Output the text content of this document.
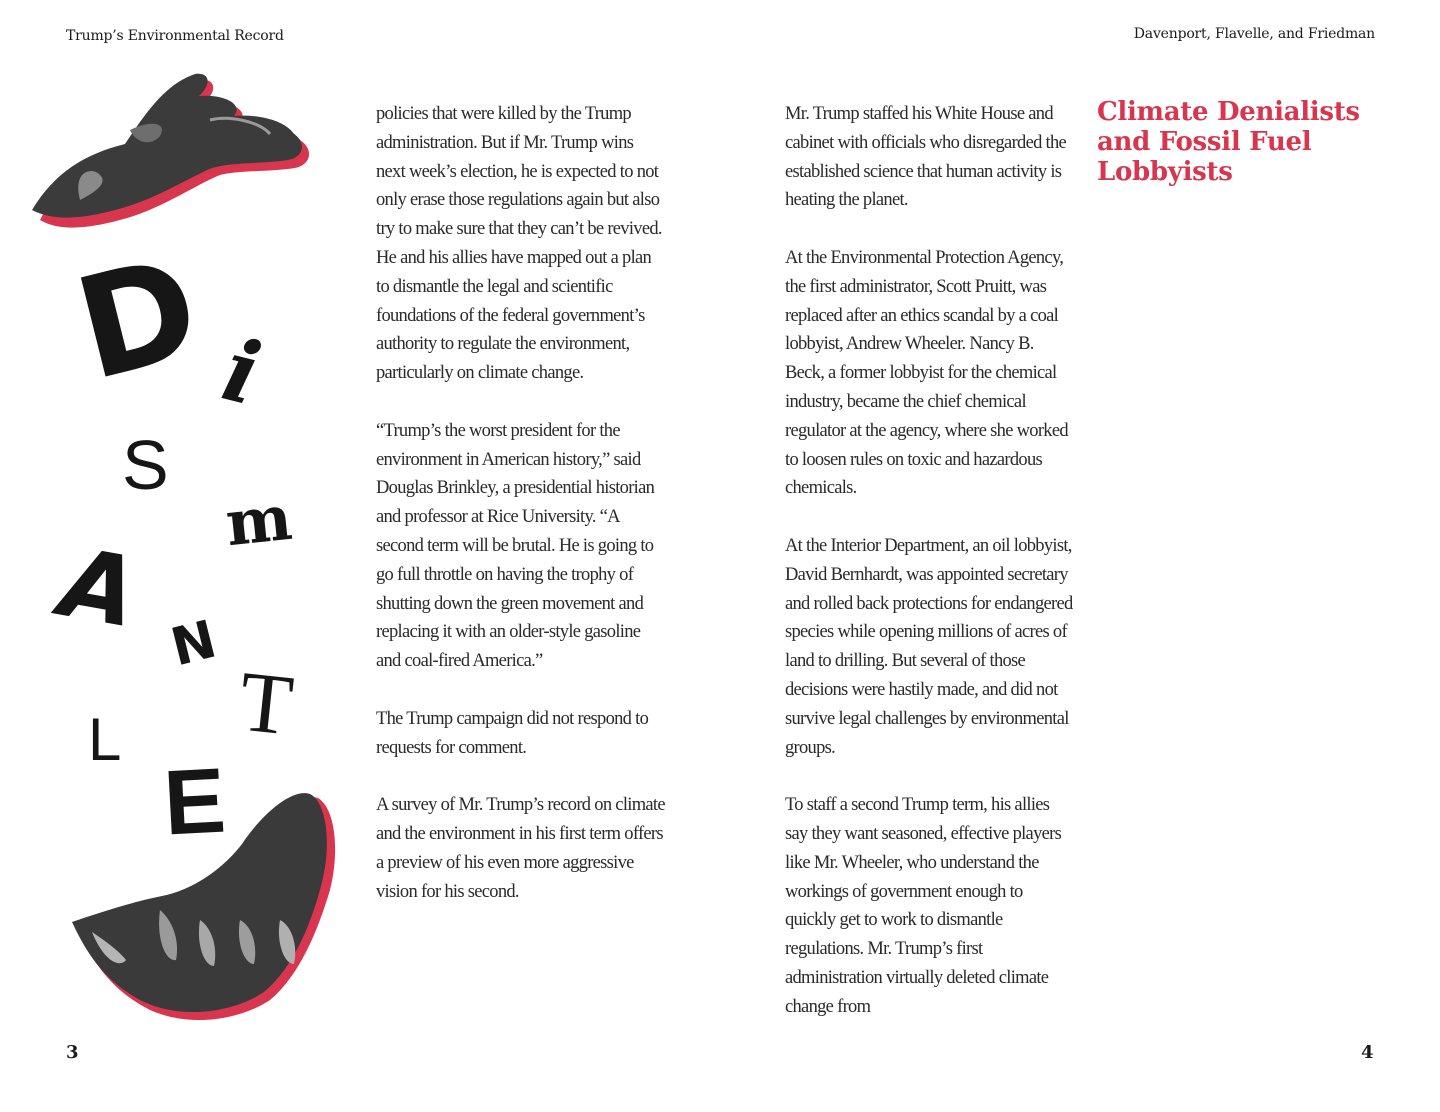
Trump’s Environmental Record	Davenport, Flavelle, and Friedman
D i
S
m
A N
T
L
E

policies that were killed by the Trump administration. But if Mr. Trump wins next week’s election, he is expected to not only erase those regulations again but also try to make sure that they can’t be revived. He and his allies have mapped out a plan to dismantle the legal and scientific foundations of the federal government’s authority to regulate the environment, particularly on climate change.

“Trump’s the worst president for the environment in American history,” said Douglas Brinkley, a presidential historian and professor at Rice University. “A second term will be brutal. He is going to go full throttle on having the trophy of shutting down the green movement and replacing it with an older-style gasoline and coal-fired America.”

The Trump campaign did not respond to requests for comment.

A survey of Mr. Trump’s record on climate and the environment in his first term offers a preview of his even more aggressive vision for his second.

Mr. Trump staffed his White House and cabinet with officials who disregarded the established science that human activity is heating the planet.

At the Environmental Protection Agency, the first administrator, Scott Pruitt, was replaced after an ethics scandal by a coal lobbyist, Andrew Wheeler. Nancy B. Beck, a former lobbyist for the chemical industry, became the chief chemical regulator at the agency, where she worked to loosen rules on toxic and hazardous chemicals.

At the Interior Department, an oil lobbyist, David Bernhardt, was appointed secretary and rolled back protections for endangered species while opening millions of acres of land to drilling. But several of those decisions were hastily made, and did not survive legal challenges by environmental groups.

To staff a second Trump term, his allies say they want seasoned, effective players like Mr. Wheeler, who understand the workings of government enough to quickly get to work to dismantle regulations. Mr. Trump’s first administration virtually deleted climate change from

Climate Denialists and Fossil Fuel Lobbyists
3	4
